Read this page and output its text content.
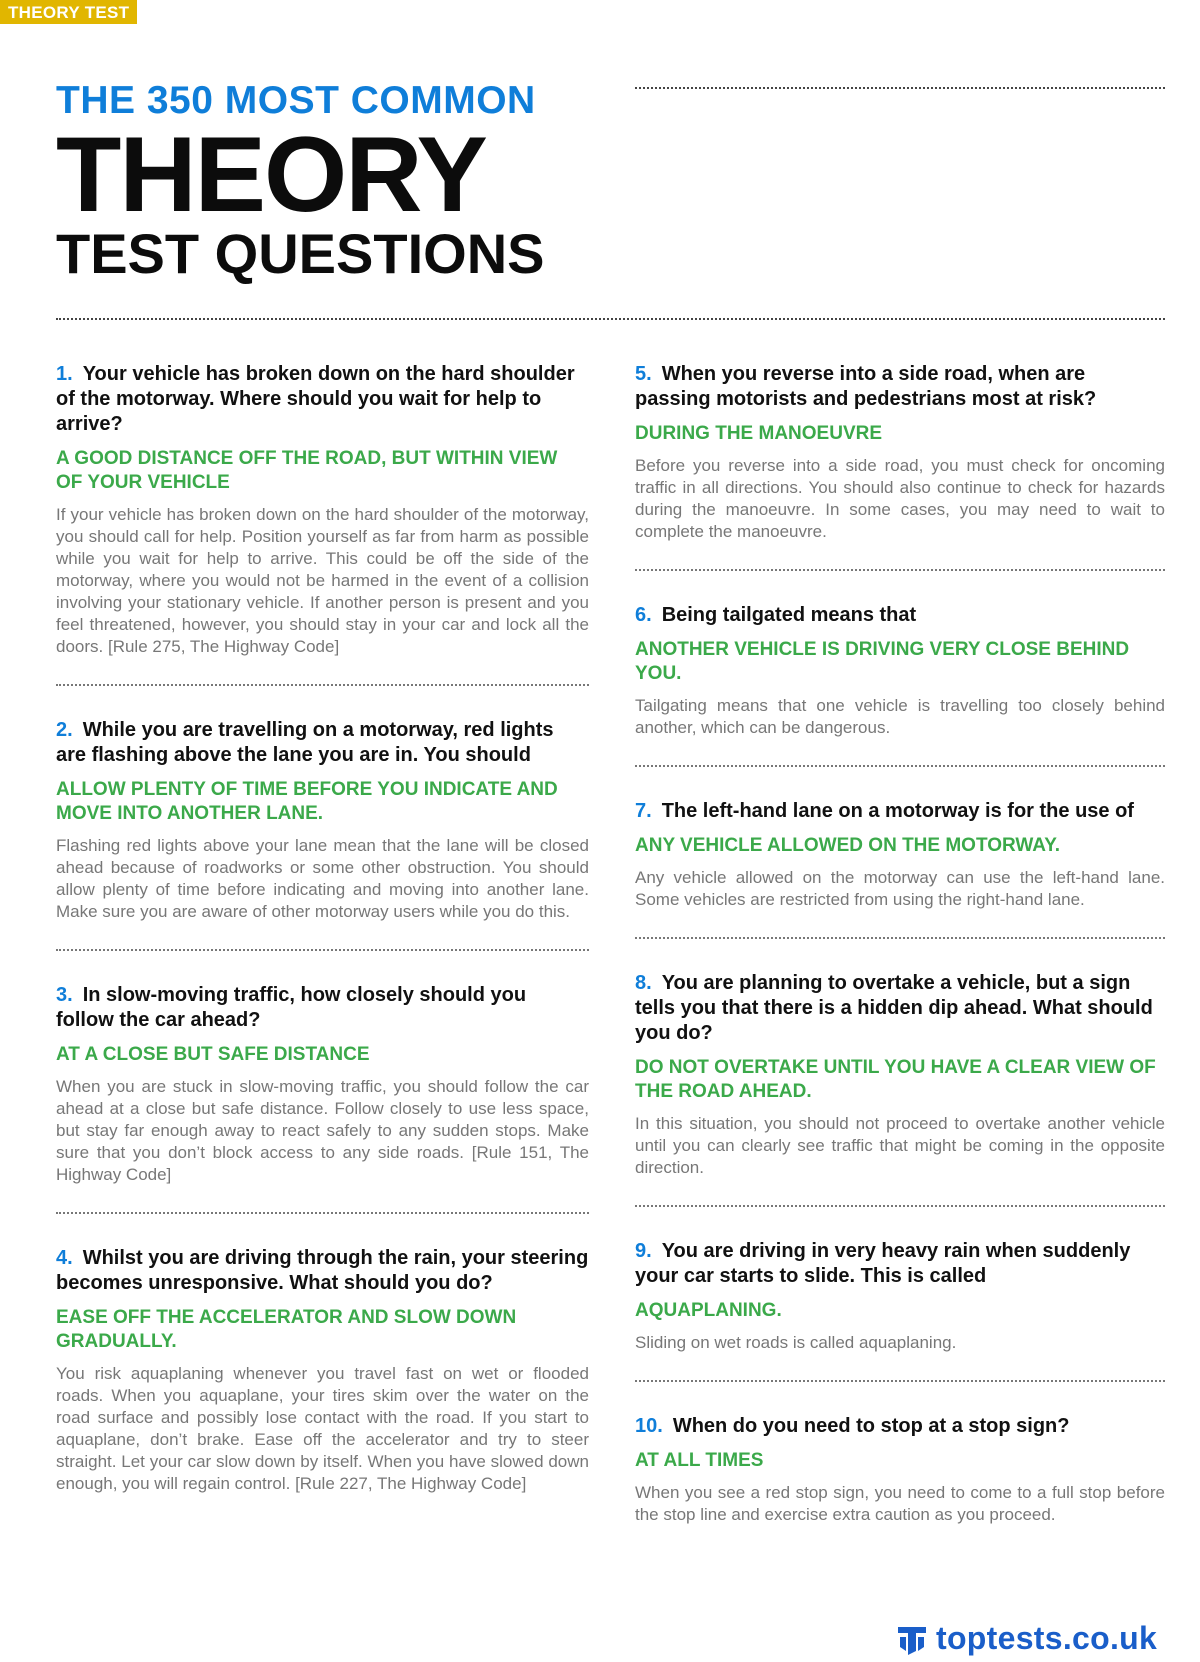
THEORY TEST
THE 350 MOST COMMON
THEORY
TEST QUESTIONS

1. Your vehicle has broken down on the hard shoulder of the motorway. Where should you wait for help to arrive?

A GOOD DISTANCE OFF THE ROAD, BUT WITHIN VIEW OF YOUR VEHICLE

If your vehicle has broken down on the hard shoulder of the motorway, you should call for help. Position yourself as far from harm as possible while you wait for help to arrive. This could be off the side of the motorway, where you would not be harmed in the event of a collision involving your stationary vehicle. If another person is present and you feel threatened, however, you should stay in your car and lock all the doors. [Rule 275, The Highway Code]

2. While you are travelling on a motorway, red lights are flashing above the lane you are in. You should

ALLOW PLENTY OF TIME BEFORE YOU INDICATE AND MOVE INTO ANOTHER LANE.

Flashing red lights above your lane mean that the lane will be closed ahead because of roadworks or some other obstruction. You should allow plenty of time before indicating and moving into another lane. Make sure you are aware of other motorway users while you do this.

3. In slow-moving traffic, how closely should you follow the car ahead?

AT A CLOSE BUT SAFE DISTANCE

When you are stuck in slow-moving traffic, you should follow the car ahead at a close but safe distance. Follow closely to use less space, but stay far enough away to react safely to any sudden stops. Make sure that you don’t block access to any side roads. [Rule 151, The Highway Code]

4. Whilst you are driving through the rain, your steering becomes unresponsive. What should you do?

EASE OFF THE ACCELERATOR AND SLOW DOWN GRADUALLY.

You risk aquaplaning whenever you travel fast on wet or flooded roads. When you aquaplane, your tires skim over the water on the road surface and possibly lose contact with the road. If you start to aquaplane, don’t brake. Ease off the accelerator and try to steer straight. Let your car slow down by itself. When you have slowed down enough, you will regain control. [Rule 227, The Highway Code]

5. When you reverse into a side road, when are passing motorists and pedestrians most at risk?

DURING THE MANOEUVRE

Before you reverse into a side road, you must check for oncoming traffic in all directions. You should also continue to check for hazards during the manoeuvre. In some cases, you may need to wait to complete the manoeuvre.

6. Being tailgated means that

ANOTHER VEHICLE IS DRIVING VERY CLOSE BEHIND YOU.

Tailgating means that one vehicle is travelling too closely behind another, which can be dangerous.

7. The left-hand lane on a motorway is for the use of

ANY VEHICLE ALLOWED ON THE MOTORWAY.

Any vehicle allowed on the motorway can use the left-hand lane. Some vehicles are restricted from using the right-hand lane.

8. You are planning to overtake a vehicle, but a sign tells you that there is a hidden dip ahead. What should you do?

DO NOT OVERTAKE UNTIL YOU HAVE A CLEAR VIEW OF THE ROAD AHEAD.

In this situation, you should not proceed to overtake another vehicle until you can clearly see traffic that might be coming in the opposite direction.

9. You are driving in very heavy rain when suddenly your car starts to slide. This is called

AQUAPLANING.

Sliding on wet roads is called aquaplaning.

10. When do you need to stop at a stop sign?

AT ALL TIMES

When you see a red stop sign, you need to come to a full stop before the stop line and exercise extra caution as you proceed.

toptests.co.uk
